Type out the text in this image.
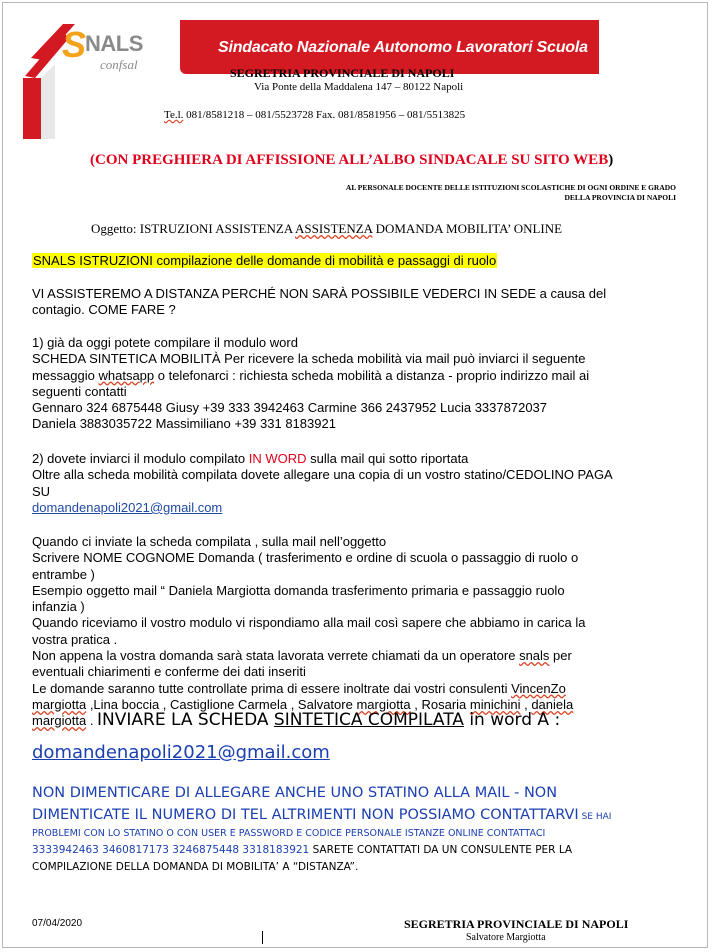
S
NALS
confsal
Sindacato Nazionale Autonomo Lavoratori Scuola
SEGRETRIA PROVINCIALE DI NAPOLI
Via Ponte della Maddalena 147 – 80122 Napoli
Te.l. 081/8581218 – 081/5523728 Fax. 081/8581956 – 081/5513825
(CON PREGHIERA DI AFFISSIONE ALL’ALBO SINDACALE SU SITO WEB)
AL PERSONALE DOCENTE DELLE ISTITUZIONI SCOLASTICHE DI OGNI ORDINE E GRADO
DELLA PROVINCIA DI NAPOLI
Oggetto: ISTRUZIONI ASSISTENZA ASSISTENZA DOMANDA MOBILITA’ ONLINE
SNALS ISTRUZIONI compilazione delle domande di mobilità e passaggi di ruolo
VI ASSISTEREMO A DISTANZA PERCHÉ NON SARÀ POSSIBILE VEDERCI IN SEDE a causa del
contagio. COME FARE ?
1) già da oggi potete compilare il modulo word
SCHEDA SINTETICA MOBILITÀ Per ricevere la scheda mobilità via mail può inviarci il seguente
messaggio whatsapp o telefonarci : richiesta scheda mobilità a distanza - proprio indirizzo mail ai
seguenti contatti
Gennaro 324 6875448 Giusy +39 333 3942463 Carmine 366 2437952 Lucia 3337872037
Daniela 3883035722 Massimiliano +39 331 8183921
2) dovete inviarci il modulo compilato IN WORD sulla mail qui sotto riportata
Oltre alla scheda mobilità compilata dovete allegare una copia di un vostro statino/CEDOLINO PAGA
SU
domandenapoli2021@gmail.com
Quando ci inviate la scheda compilata , sulla mail nell’oggetto
Scrivere NOME COGNOME Domanda ( trasferimento e ordine di scuola o passaggio di ruolo o
entrambe )
Esempio oggetto mail “ Daniela Margiotta domanda trasferimento primaria e passaggio ruolo
infanzia )
Quando riceviamo il vostro modulo vi rispondiamo alla mail così sapere che abbiamo in carica la
vostra pratica .
Non appena la vostra domanda sarà stata lavorata verrete chiamati da un operatore snals per
eventuali chiarimenti e conferme dei dati inseriti
Le domande saranno tutte controllate prima di essere inoltrate dai vostri consulenti VincenZo
margiotta ,Lina boccia , Castiglione Carmela , Salvatore margiotta , Rosaria minichini , daniela
margiotta . INVIARE LA SCHEDA SINTETICA COMPILATA in word A :
domandenapoli2021@gmail.com
NON DIMENTICARE DI ALLEGARE ANCHE UNO STATINO ALLA MAIL - NON
DIMENTICATE IL NUMERO DI TEL ALTRIMENTI NON POSSIAMO CONTATTARVI SE HAI
PROBLEMI CON LO STATINO O CON USER E PASSWORD E CODICE PERSONALE ISTANZE ONLINE CONTATTACI
3333942463 3460817173 3246875448 3318183921 SARETE CONTATTATI DA UN CONSULENTE PER LA
COMPILAZIONE DELLA DOMANDA DI MOBILITA’ A “DISTANZA”.
07/04/2020	SEGRETRIA PROVINCIALE DI NAPOLI
Salvatore Margiotta
